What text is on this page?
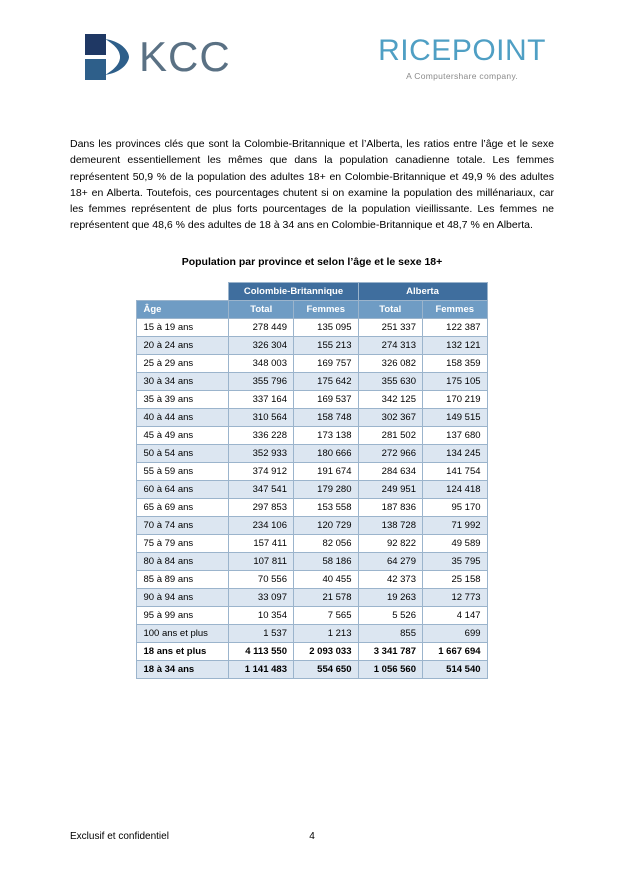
KCC	RICEPOINT
A Computershare company.

Dans les provinces clés que sont la Colombie-Britannique et l’Alberta, les ratios entre l’âge et le sexe demeurent essentiellement les mêmes que dans la population canadienne totale. Les femmes représentent 50,9 % de la population des adultes 18+ en Colombie-Britannique et 49,9 % des adultes 18+ en Alberta. Toutefois, ces pourcentages chutent si on examine la population des millénariaux, car les femmes représentent de plus forts pourcentages de la population vieillissante. Les femmes ne représentent que 48,6 % des adultes de 18 à 34 ans en Colombie-Britannique et 48,7 % en Alberta.

Population par province et selon l’âge et le sexe 18+
	Colombie-Britannique		Alberta	
Âge	Total	Femmes	Total	Femmes
15 à 19 ans	278 449	135 095	251 337	122 387
20 à 24 ans	326 304	155 213	274 313	132 121
25 à 29 ans	348 003	169 757	326 082	158 359
30 à 34 ans	355 796	175 642	355 630	175 105
35 à 39 ans	337 164	169 537	342 125	170 219
40 à 44 ans	310 564	158 748	302 367	149 515
45 à 49 ans	336 228	173 138	281 502	137 680
50 à 54 ans	352 933	180 666	272 966	134 245
55 à 59 ans	374 912	191 674	284 634	141 754
60 à 64 ans	347 541	179 280	249 951	124 418
65 à 69 ans	297 853	153 558	187 836	95 170
70 à 74 ans	234 106	120 729	138 728	71 992
75 à 79 ans	157 411	82 056	92 822	49 589
80 à 84 ans	107 811	58 186	64 279	35 795
85 à 89 ans	70 556	40 455	42 373	25 158
90 à 94 ans	33 097	21 578	19 263	12 773
95 à 99 ans	10 354	7 565	5 526	4 147
100 ans et plus	1 537	1 213	855	699
18 ans et plus	4 113 550	2 093 033	3 341 787	1 667 694
18 à 34 ans	1 141 483	554 650	1 056 560	514 540
Exclusif et confidentiel	4
